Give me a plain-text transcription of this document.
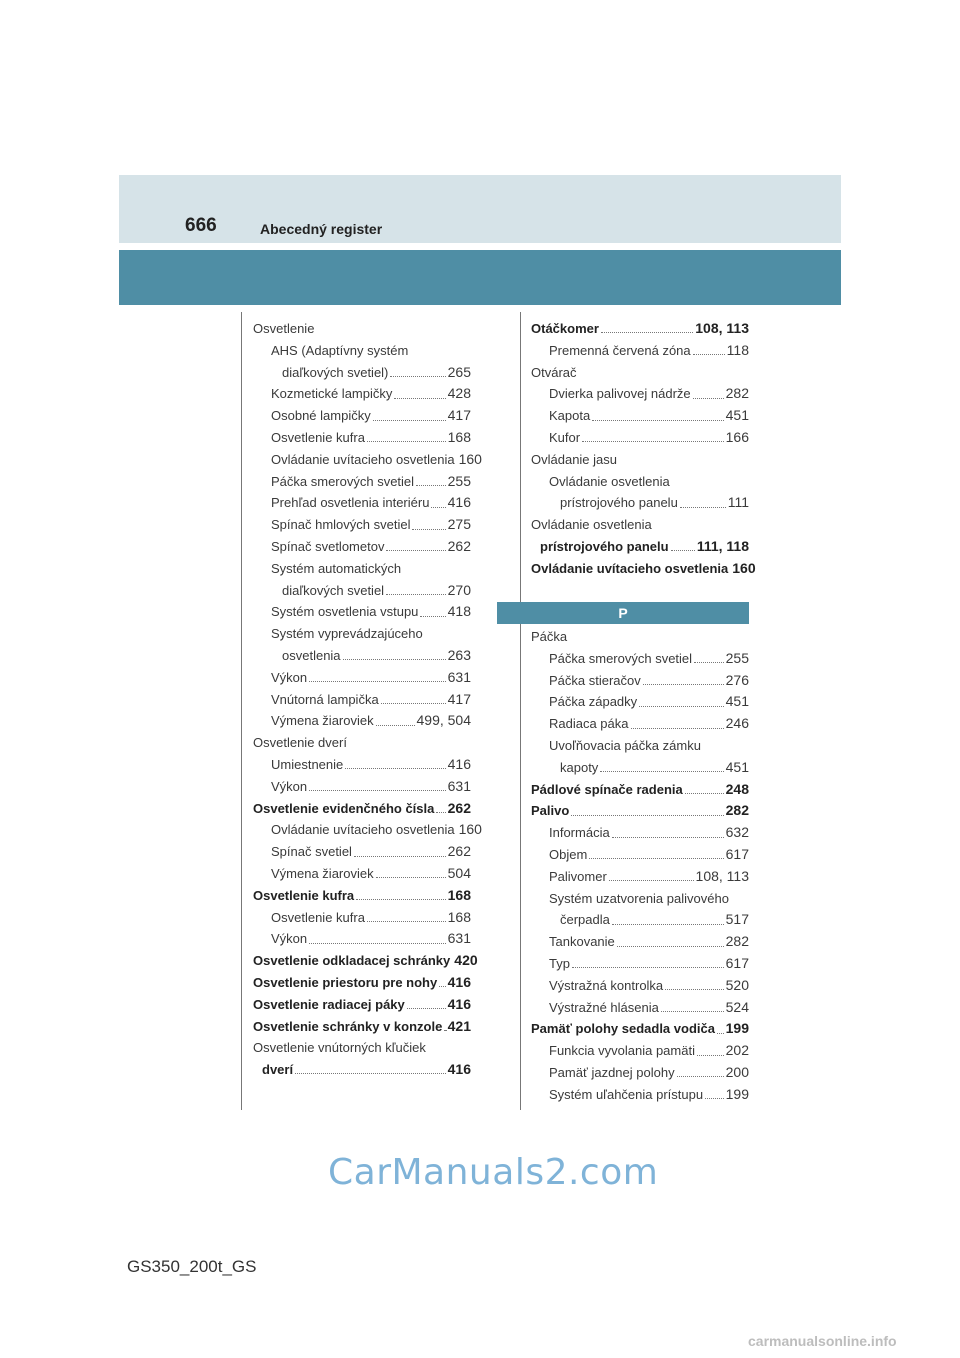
666	Abecedný register
Osvetlenie
AHS (Adaptívny systém
diaľkových svetiel)	265
Kozmetické lampičky	428
Osobné lampičky	417
Osvetlenie kufra	168
Ovládanie uvítacieho osvetlenia 160
Páčka smerových svetiel 255
Prehľad osvetlenia interiéru 416
Spínač hmlových svetiel	275
Spínač svetlometov	262
Systém automatických
diaľkových svetiel	270
Systém osvetlenia vstupu 418
Systém vyprevádzajúceho
osvetlenia	263
Výkon	631
Vnútorná lampička	417
Výmena žiaroviek	499, 504
Osvetlenie dverí
Umiestnenie	416
Výkon	631
Osvetlenie evidenčného čísla 262
Ovládanie uvítacieho osvetlenia 160
Spínač svetiel	262
Výmena žiaroviek	504
Osvetlenie kufra	168
Osvetlenie kufra	168
Výkon	631
Osvetlenie odkladacej schránky 420
Osvetlenie priestoru pre nohy 416
Osvetlenie radiacej páky	416
Osvetlenie schránky v konzole 421
Osvetlenie vnútorných kľučiek
dverí	416
Otáčkomer	108, 113
Premenná červená zóna	118
Otvárač
Dvierka palivovej nádrže	282
Kapota	451
Kufor	166
Ovládanie jasu
Ovládanie osvetlenia
prístrojového panelu	111
Ovládanie osvetlenia
prístrojového panelu 111, 118
Ovládanie uvítacieho osvetlenia 160
P
Páčka
Páčka smerových svetiel 255
Páčka stieračov	276
Páčka západky	451
Radiaca páka	246
Uvoľňovacia páčka zámku
kapoty	451
Pádlové spínače radenia	248
Palivo	282
Informácia	632
Objem	617
Palivomer	108, 113
Systém uzatvorenia palivového
čerpadla	517
Tankovanie	282
Typ	617
Výstražná kontrolka	520
Výstražné hlásenia	524
Pamäť polohy sedadla vodiča 199
Funkcia vyvolania pamäti 202
Pamäť jazdnej polohy	200
Systém uľahčenia prístupu 199
CarManuals2.com
GS350_200t_GS
carmanualsonline.info
